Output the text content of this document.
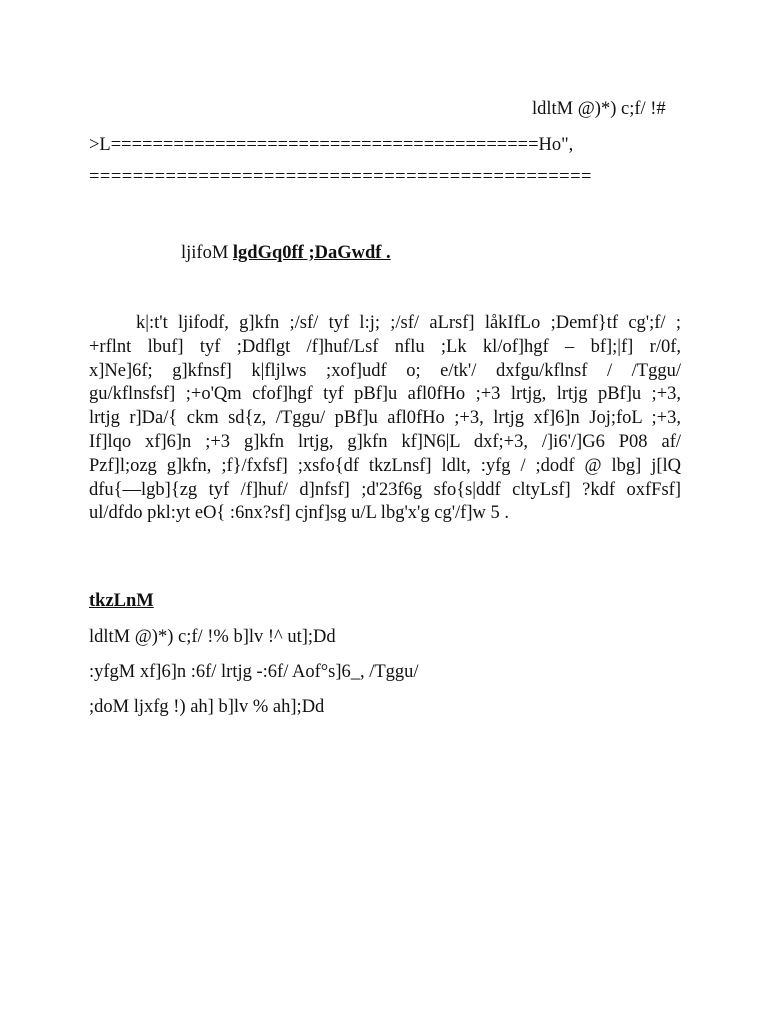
ldltM @)*) c;f/ !#
>L=========================================Ho",
==============================================
ljifoM lgdGq0ff ;DaGwdf .
k|:t't ljifodf, g]kfn ;/sf/ tyf l:j; ;/sf/ aLrsf] låkIfLo ;Demf}tf cg';f/ ;
+rflnt lbuf] tyf ;Ddflgt /f]huf/Lsf nflu ;Lk kl/of]hgf – bf];|f] r/0f,
x]Ne]6f; g]kfnsf] k|fljlws ;xof]udf o; e/tk'/ dxfgu/kflnsf / /Tggu/
gu/kflnsfsf] ;+o'Qm cfof]hgf tyf pBf]u afl0fHo ;+3 lrtjg, lrtjg pBf]u ;+3,
lrtjg r]Da/{ ckm sd{z, /Tggu/ pBf]u afl0fHo ;+3, lrtjg xf]6]n Joj;foL ;+3,
If]lqo xf]6]n ;+3 g]kfn lrtjg, g]kfn kf]N6|L dxf;+3, /]i6'/]G6 P08 af/
Pzf]l;ozg g]kfn, ;f}/fxfsf] ;xsfo{df tkzLnsf] ldlt, :yfg / ;dodf @ lbg] j[lQ
dfu{—lgb]{zg tyf /f]huf/ d]nfsf] ;d'23f6g sfo{s|ddf cltyLsf] ?kdf oxfFsf]
ul/dfdo pkl:yt eO{ :6nx?sf] cjnf]sg u/L lbg'x'g cg'/f]w 5 .
tkzLnM
ldltM @)*) c;f/ !% b]lv !^ ut];Dd
:yfgM xf]6]n :6f/ lrtjg -:6f/ Aof°s]6_, /Tggu/
;doM ljxfg !) ah] b]lv % ah];Dd
